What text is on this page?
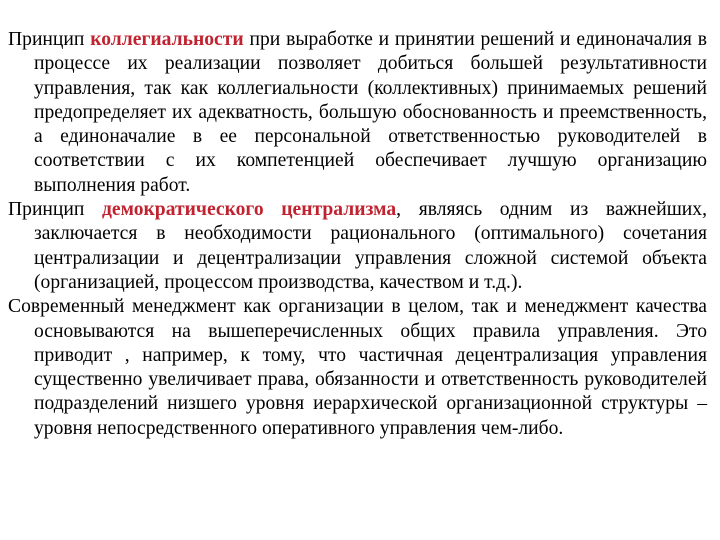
Принцип коллегиальности при выработке и принятии решений и единоначалия в процессе их реализации позволяет добиться большей результативности управления, так как коллегиальности (коллективных) принимаемых решений предопределяет их адекватность, большую обоснованность и преемственность, а единоначалие в ее персональной ответственностью руководителей в соответствии с их компетенцией обеспечивает лучшую организацию выполнения работ.

Принцип демократического централизма, являясь одним из важнейших, заключается в необходимости рационального (оптимального) сочетания централизации и децентрализации управления сложной системой объекта (организацией, процессом производства, качеством и т.д.).

Современный менеджмент как организации в целом, так и менеджмент качества основываются на вышеперечисленных общих правила управления. Это приводит , например, к тому, что частичная децентрализация управления существенно увеличивает права, обязанности и ответственность руководителей подразделений низшего уровня иерархической организационной структуры – уровня непосредственного оперативного управления чем-либо.
